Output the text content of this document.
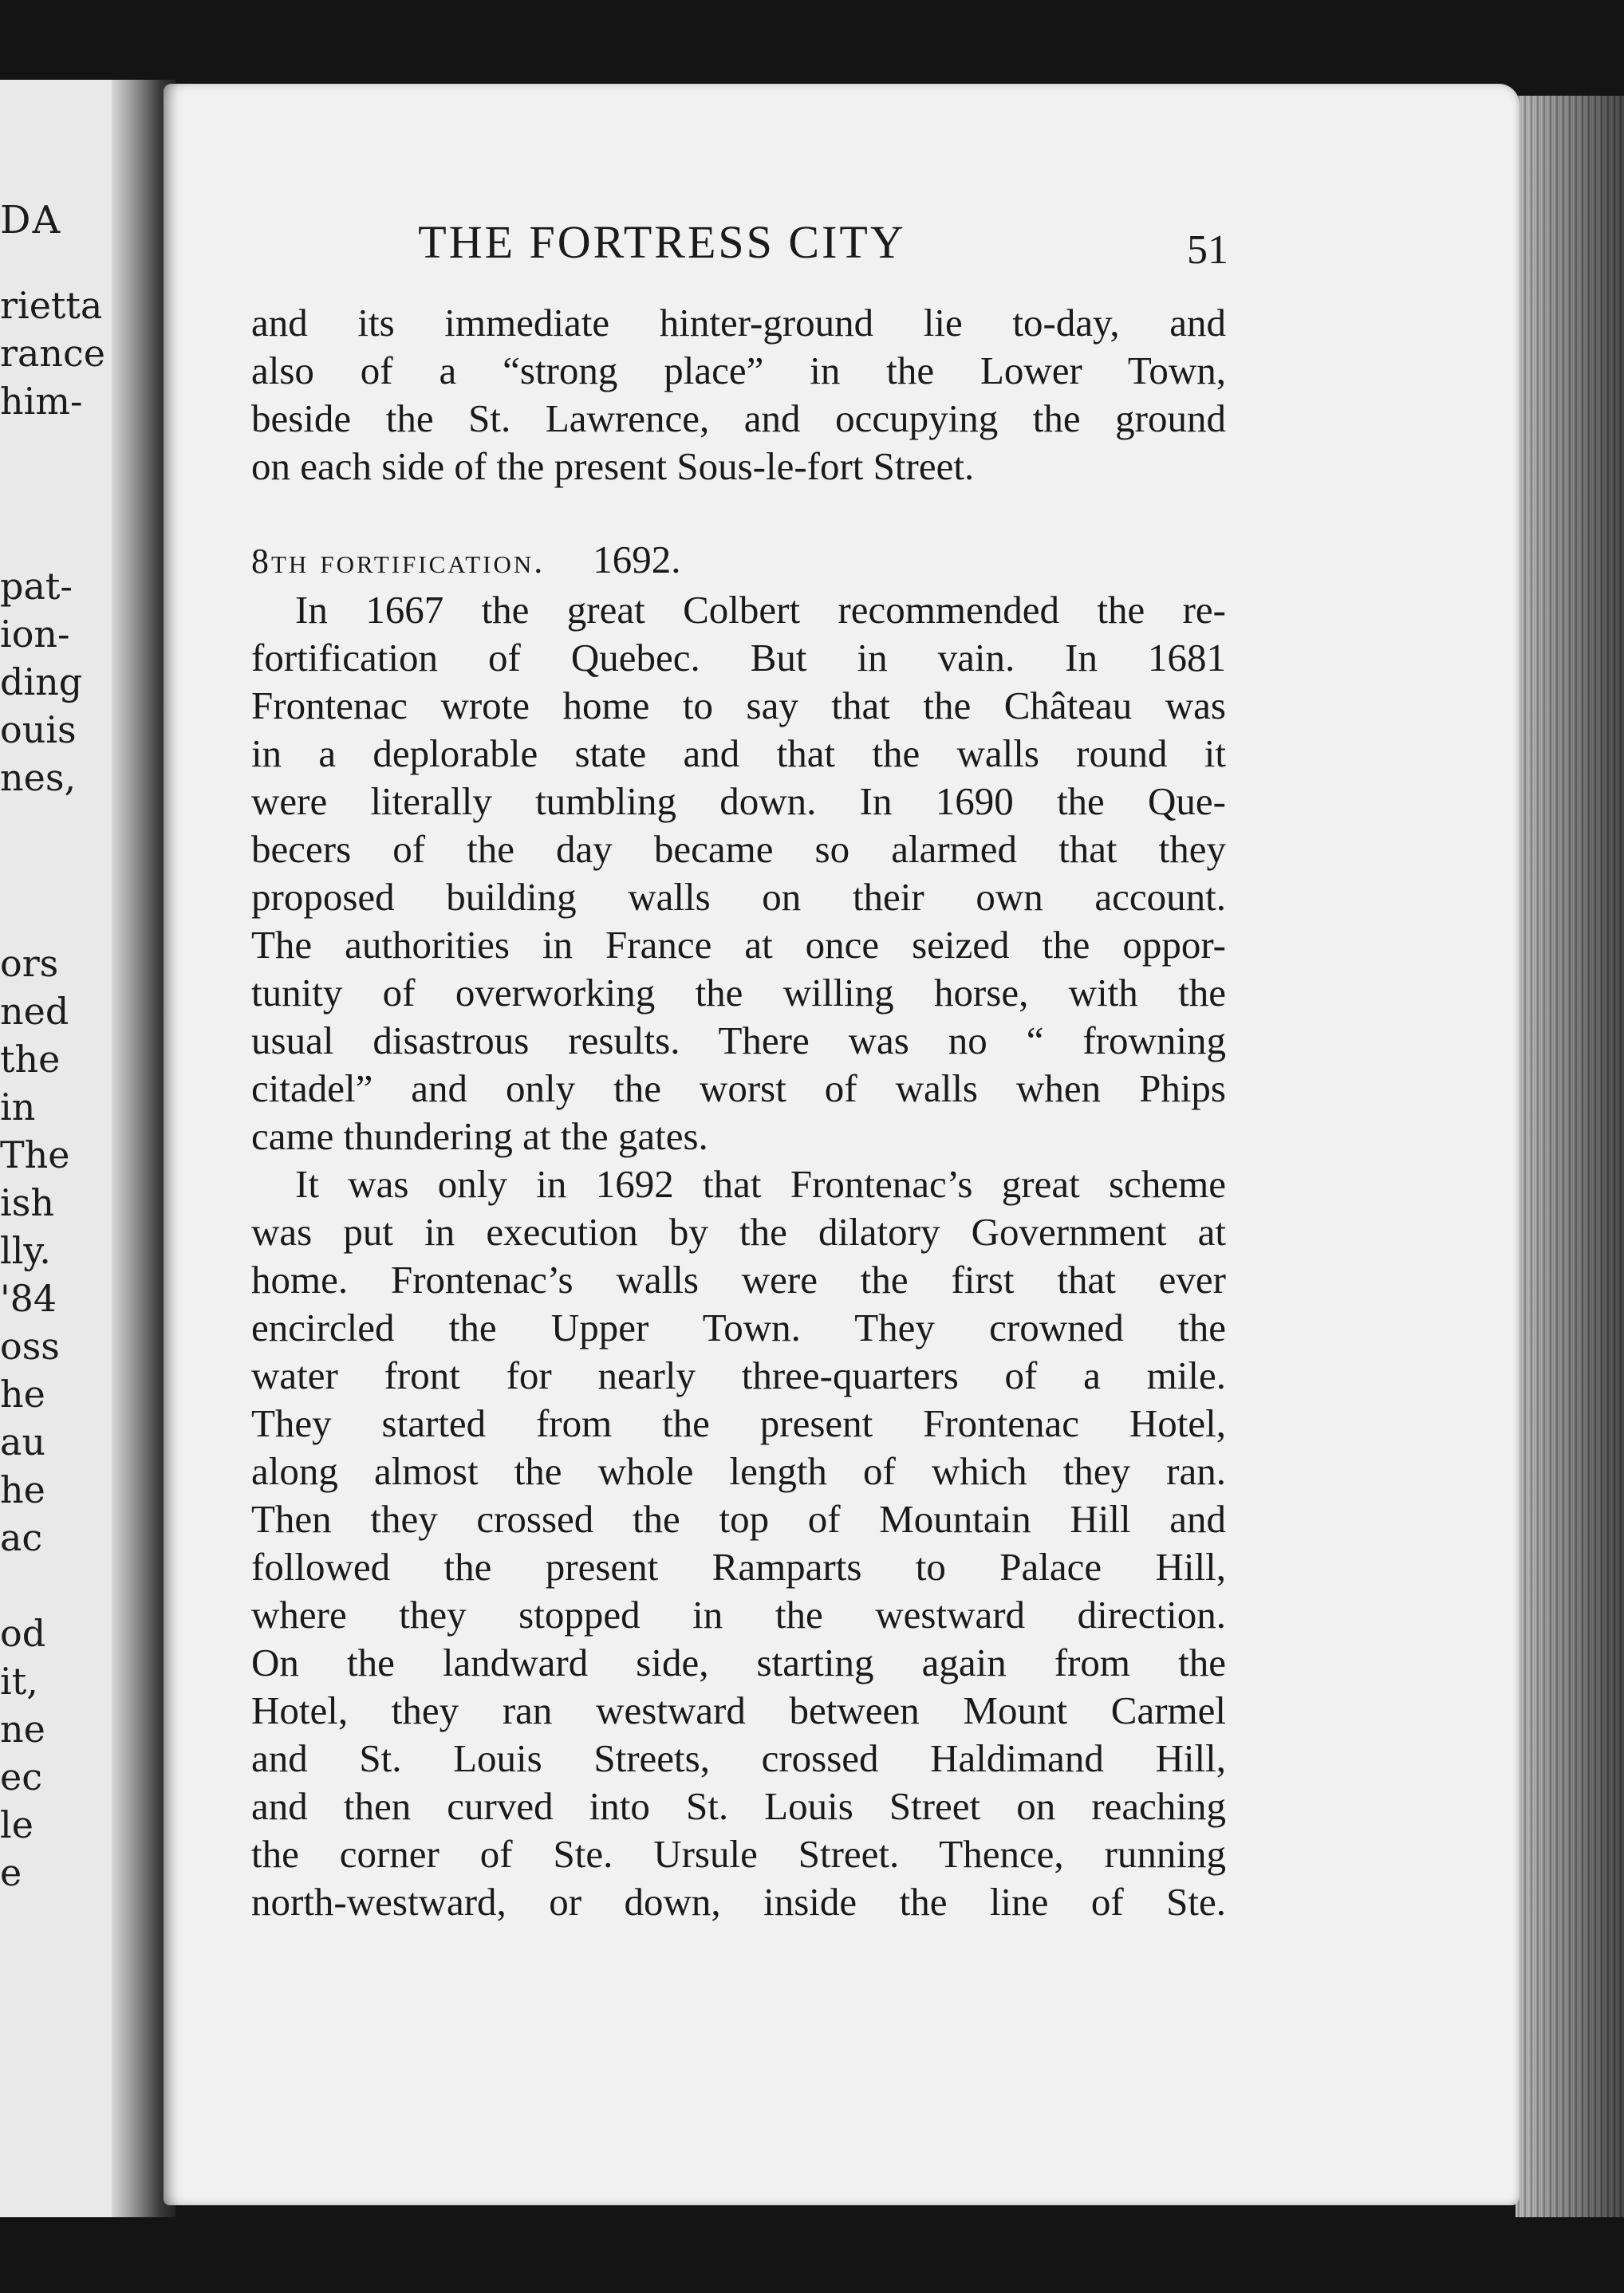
DA
rietta
rance
him-
pat-
ion-
ding
ouis
nes,
ors
ned
the
in
The
ish
lly.
'84
oss
he
au
he
ac
od
it,
ne
ec
le
e
THE FORTRESS CITY	51
and its immediate hinter-ground lie to-day, and
also of a “strong place” in the Lower Town,
beside the St. Lawrence, and occupying the ground
on each side of the present Sous-le-fort Street.
8th fortification. 1692.
In 1667 the great Colbert recommended the re-
fortification of Quebec. But in vain. In 1681
Frontenac wrote home to say that the Château was
in a deplorable state and that the walls round it
were literally tumbling down. In 1690 the Que-
becers of the day became so alarmed that they
proposed building walls on their own account.
The authorities in France at once seized the oppor-
tunity of overworking the willing horse, with the
usual disastrous results. There was no “ frowning
citadel” and only the worst of walls when Phips
came thundering at the gates.
It was only in 1692 that Frontenac’s great scheme
was put in execution by the dilatory Government at
home. Frontenac’s walls were the first that ever
encircled the Upper Town. They crowned the
water front for nearly three-quarters of a mile.
They started from the present Frontenac Hotel,
along almost the whole length of which they ran.
Then they crossed the top of Mountain Hill and
followed the present Ramparts to Palace Hill,
where they stopped in the westward direction.
On the landward side, starting again from the
Hotel, they ran westward between Mount Carmel
and St. Louis Streets, crossed Haldimand Hill,
and then curved into St. Louis Street on reaching
the corner of Ste. Ursule Street. Thence, running
north-westward, or down, inside the line of Ste.
